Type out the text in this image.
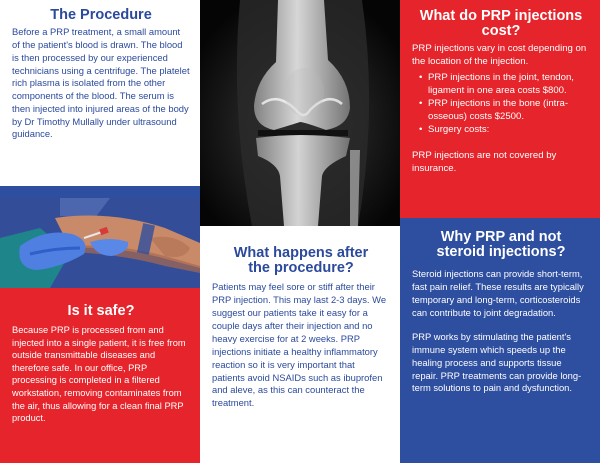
The Procedure

Before a PRP treatment, a small amount of the patient's blood is drawn. The blood is then processed by our experienced technicians using a centrifuge. The platelet rich plasma is isolated from the other components of the blood. The serum is then injected into injured areas of the body by Dr Timothy Mullally under ultrasound guidance.

Is it safe?

Because PRP is processed from and injected into a single patient, it is free from outside transmittable diseases and therefore safe. In our office, PRP processing is completed in a filtered workstation, removing contaminates from the air, thus allowing for a clean final PRP product.

What happens after
the procedure?

Patients may feel sore or stiff after their PRP injection. This may last 2-3 days. We suggest our patients take it easy for a couple days after their injection and no heavy exercise for at 2 weeks. PRP injections initiate a healthy inflammatory reaction so it is very important that patients avoid NSAIDs such as ibuprofen and aleve, as this can counteract the treatment.

What do PRP injections
cost?

PRP injections vary in cost depending on the location of the injection.

• PRP injections in the joint, tendon, ligament in one area costs $800.
• PRP injections in the bone (intra-osseous) costs $2500.
• Surgery costs:

PRP injections are not covered by insurance.

Why PRP and not
steroid injections?

Steroid injections can provide short-term, fast pain relief. These results are typically temporary and long-term, corticosteroids can contribute to joint degradation.

PRP works by stimulating the patient's immune system which speeds up the healing process and supports tissue repair. PRP treatments can provide long-term solutions to pain and dysfunction.
